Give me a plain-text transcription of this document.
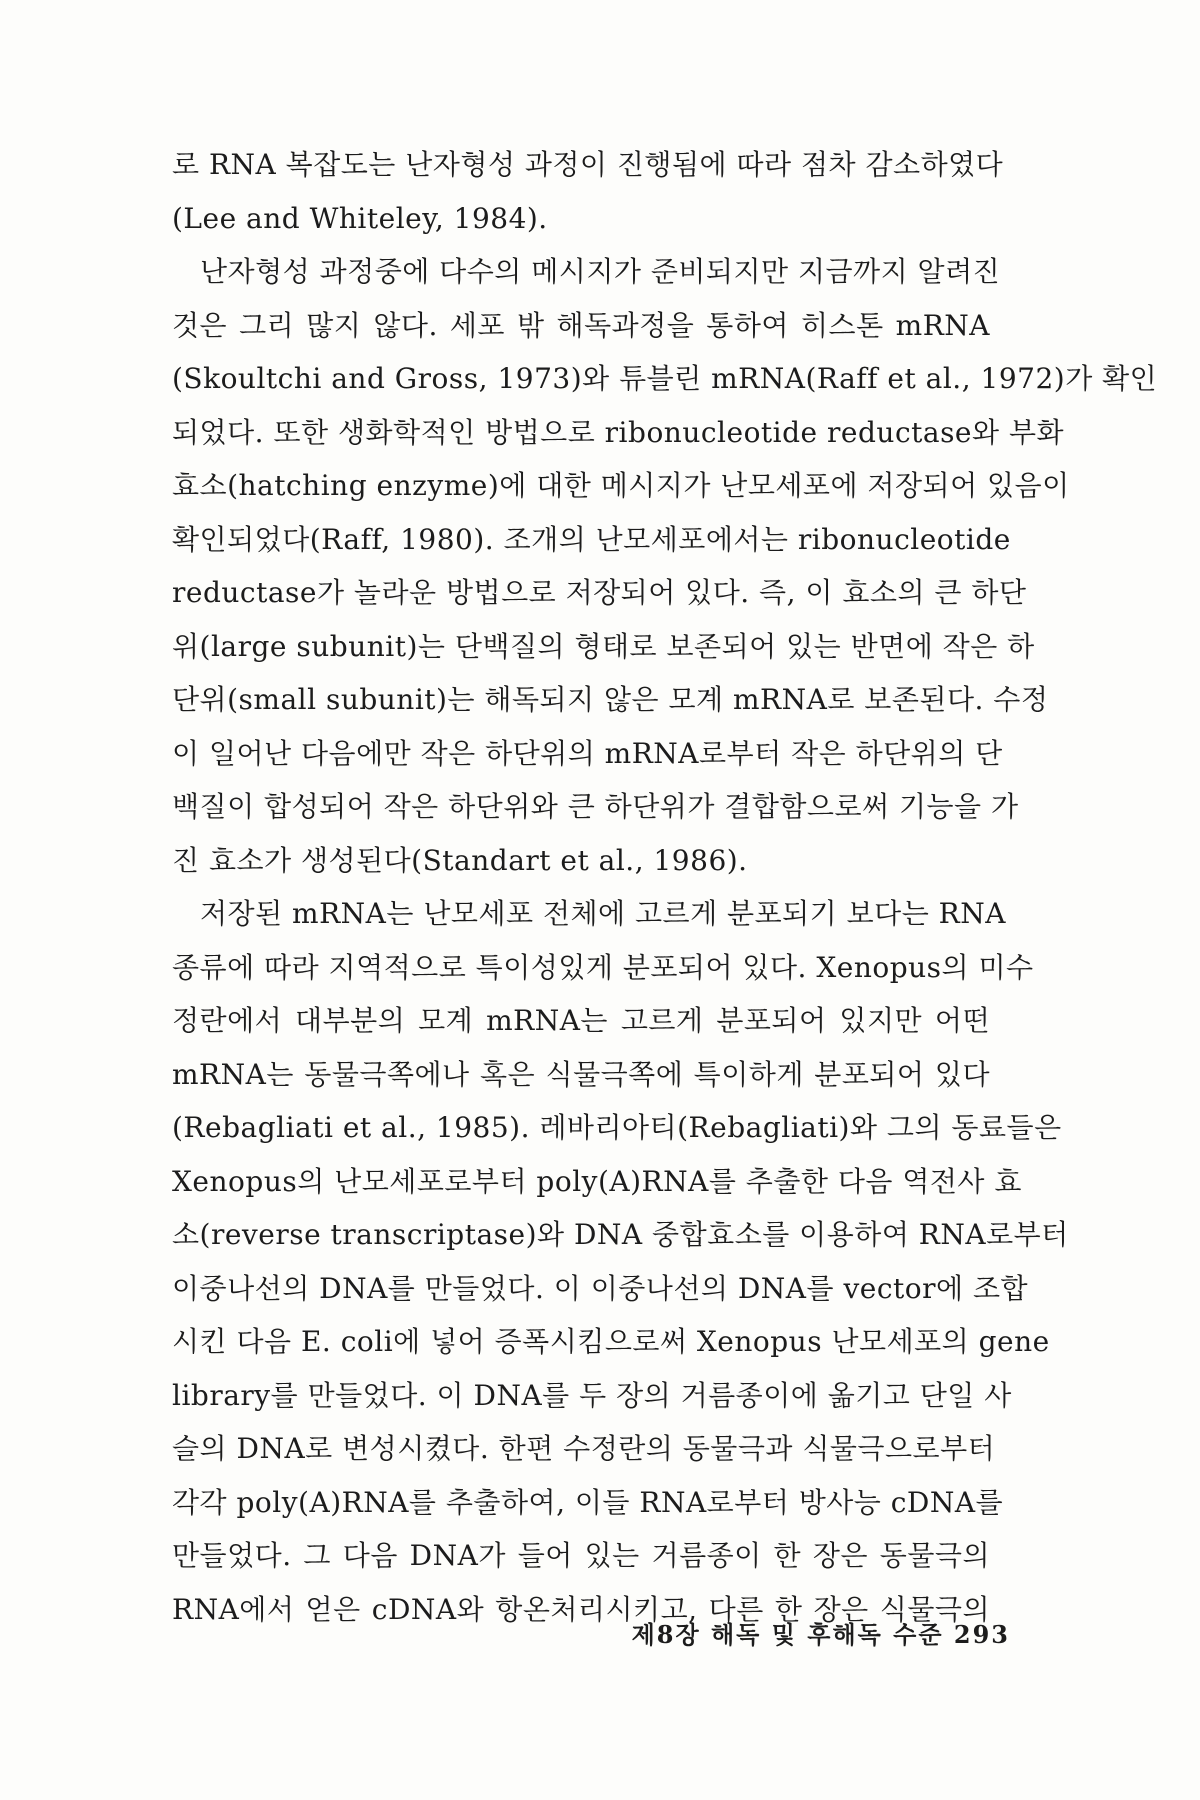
로 RNA 복잡도는 난자형성 과정이 진행됨에 따라 점차 감소하였다
(Lee and Whiteley, 1984).
난자형성 과정중에 다수의 메시지가 준비되지만 지금까지 알려진
것은 그리 많지 않다. 세포 밖 해독과정을 통하여 히스톤 mRNA
(Skoultchi and Gross, 1973)와 튜블린 mRNA(Raff et al., 1972)가 확인
되었다. 또한 생화학적인 방법으로 ribonucleotide reductase와 부화
효소(hatching enzyme)에 대한 메시지가 난모세포에 저장되어 있음이
확인되었다(Raff, 1980). 조개의 난모세포에서는 ribonucleotide
reductase가 놀라운 방법으로 저장되어 있다. 즉, 이 효소의 큰 하단
위(large subunit)는 단백질의 형태로 보존되어 있는 반면에 작은 하
단위(small subunit)는 해독되지 않은 모계 mRNA로 보존된다. 수정
이 일어난 다음에만 작은 하단위의 mRNA로부터 작은 하단위의 단
백질이 합성되어 작은 하단위와 큰 하단위가 결합함으로써 기능을 가
진 효소가 생성된다(Standart et al., 1986).
저장된 mRNA는 난모세포 전체에 고르게 분포되기 보다는 RNA
종류에 따라 지역적으로 특이성있게 분포되어 있다. Xenopus의 미수
정란에서 대부분의 모계 mRNA는 고르게 분포되어 있지만 어떤
mRNA는 동물극쪽에나 혹은 식물극쪽에 특이하게 분포되어 있다
(Rebagliati et al., 1985). 레바리아티(Rebagliati)와 그의 동료들은
Xenopus의 난모세포로부터 poly(A)RNA를 추출한 다음 역전사 효
소(reverse transcriptase)와 DNA 중합효소를 이용하여 RNA로부터
이중나선의 DNA를 만들었다. 이 이중나선의 DNA를 vector에 조합
시킨 다음 E. coli에 넣어 증폭시킴으로써 Xenopus 난모세포의 gene
library를 만들었다. 이 DNA를 두 장의 거름종이에 옮기고 단일 사
슬의 DNA로 변성시켰다. 한편 수정란의 동물극과 식물극으로부터
각각 poly(A)RNA를 추출하여, 이들 RNA로부터 방사능 cDNA를
만들었다. 그 다음 DNA가 들어 있는 거름종이 한 장은 동물극의
RNA에서 얻은 cDNA와 항온처리시키고, 다른 한 장은 식물극의
제8장 해독 및 후해독 수준 293
